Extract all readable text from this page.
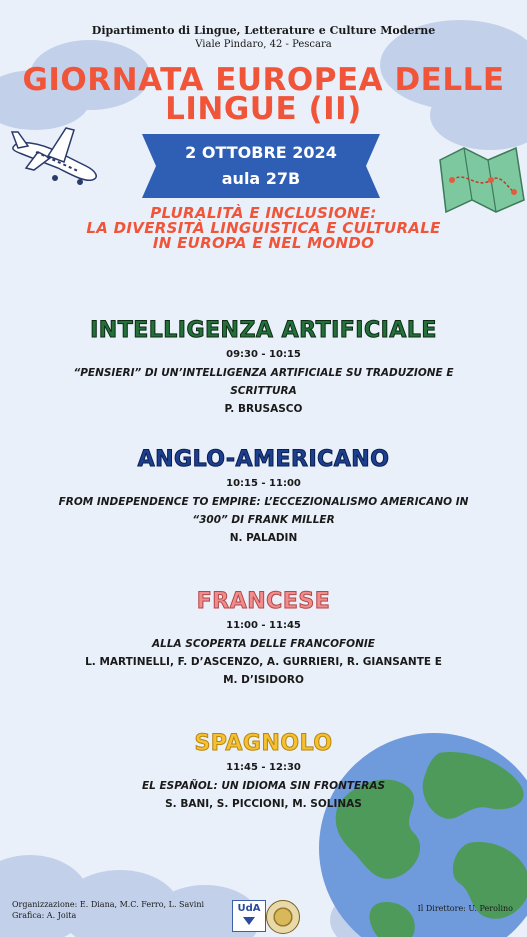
Dipartimento di Lingue, Letterature e Culture Moderne
Viale Pindaro, 42 - Pescara
GIORNATA EUROPEA DELLE
LINGUE (II)
2 OTTOBRE 2024
aula 27B
PLURALITÀ E INCLUSIONE:
LA DIVERSITÀ LINGUISTICA E CULTURALE
IN EUROPA E NEL MONDO
INTELLIGENZA ARTIFICIALE
09:30 - 10:15
“PENSIERI” DI UN’INTELLIGENZA ARTIFICIALE SU TRADUZIONE E SCRITTURA
P. BRUSASCO
ANGLO-AMERICANO
10:15 - 11:00
FROM INDEPENDENCE TO EMPIRE: L’ECCEZIONALISMO AMERICANO IN
“300” DI FRANK MILLER
N. PALADIN
FRANCESE
11:00 - 11:45
ALLA SCOPERTA DELLE FRANCOFONIE
L. MARTINELLI, F. D’ASCENZO, A. GURRIERI, R. GIANSANTE E
M. D’ISIDORO
SPAGNOLO
11:45 - 12:30
EL ESPAÑOL: UN IDIOMA SIN FRONTERAS
S. BANI, S. PICCIONI, M. SOLINAS
Organizzazione: E. Diana, M.C. Ferro, L. Savini
Grafica: A. Joita
UdA	Il Direttore: U. Perolino
